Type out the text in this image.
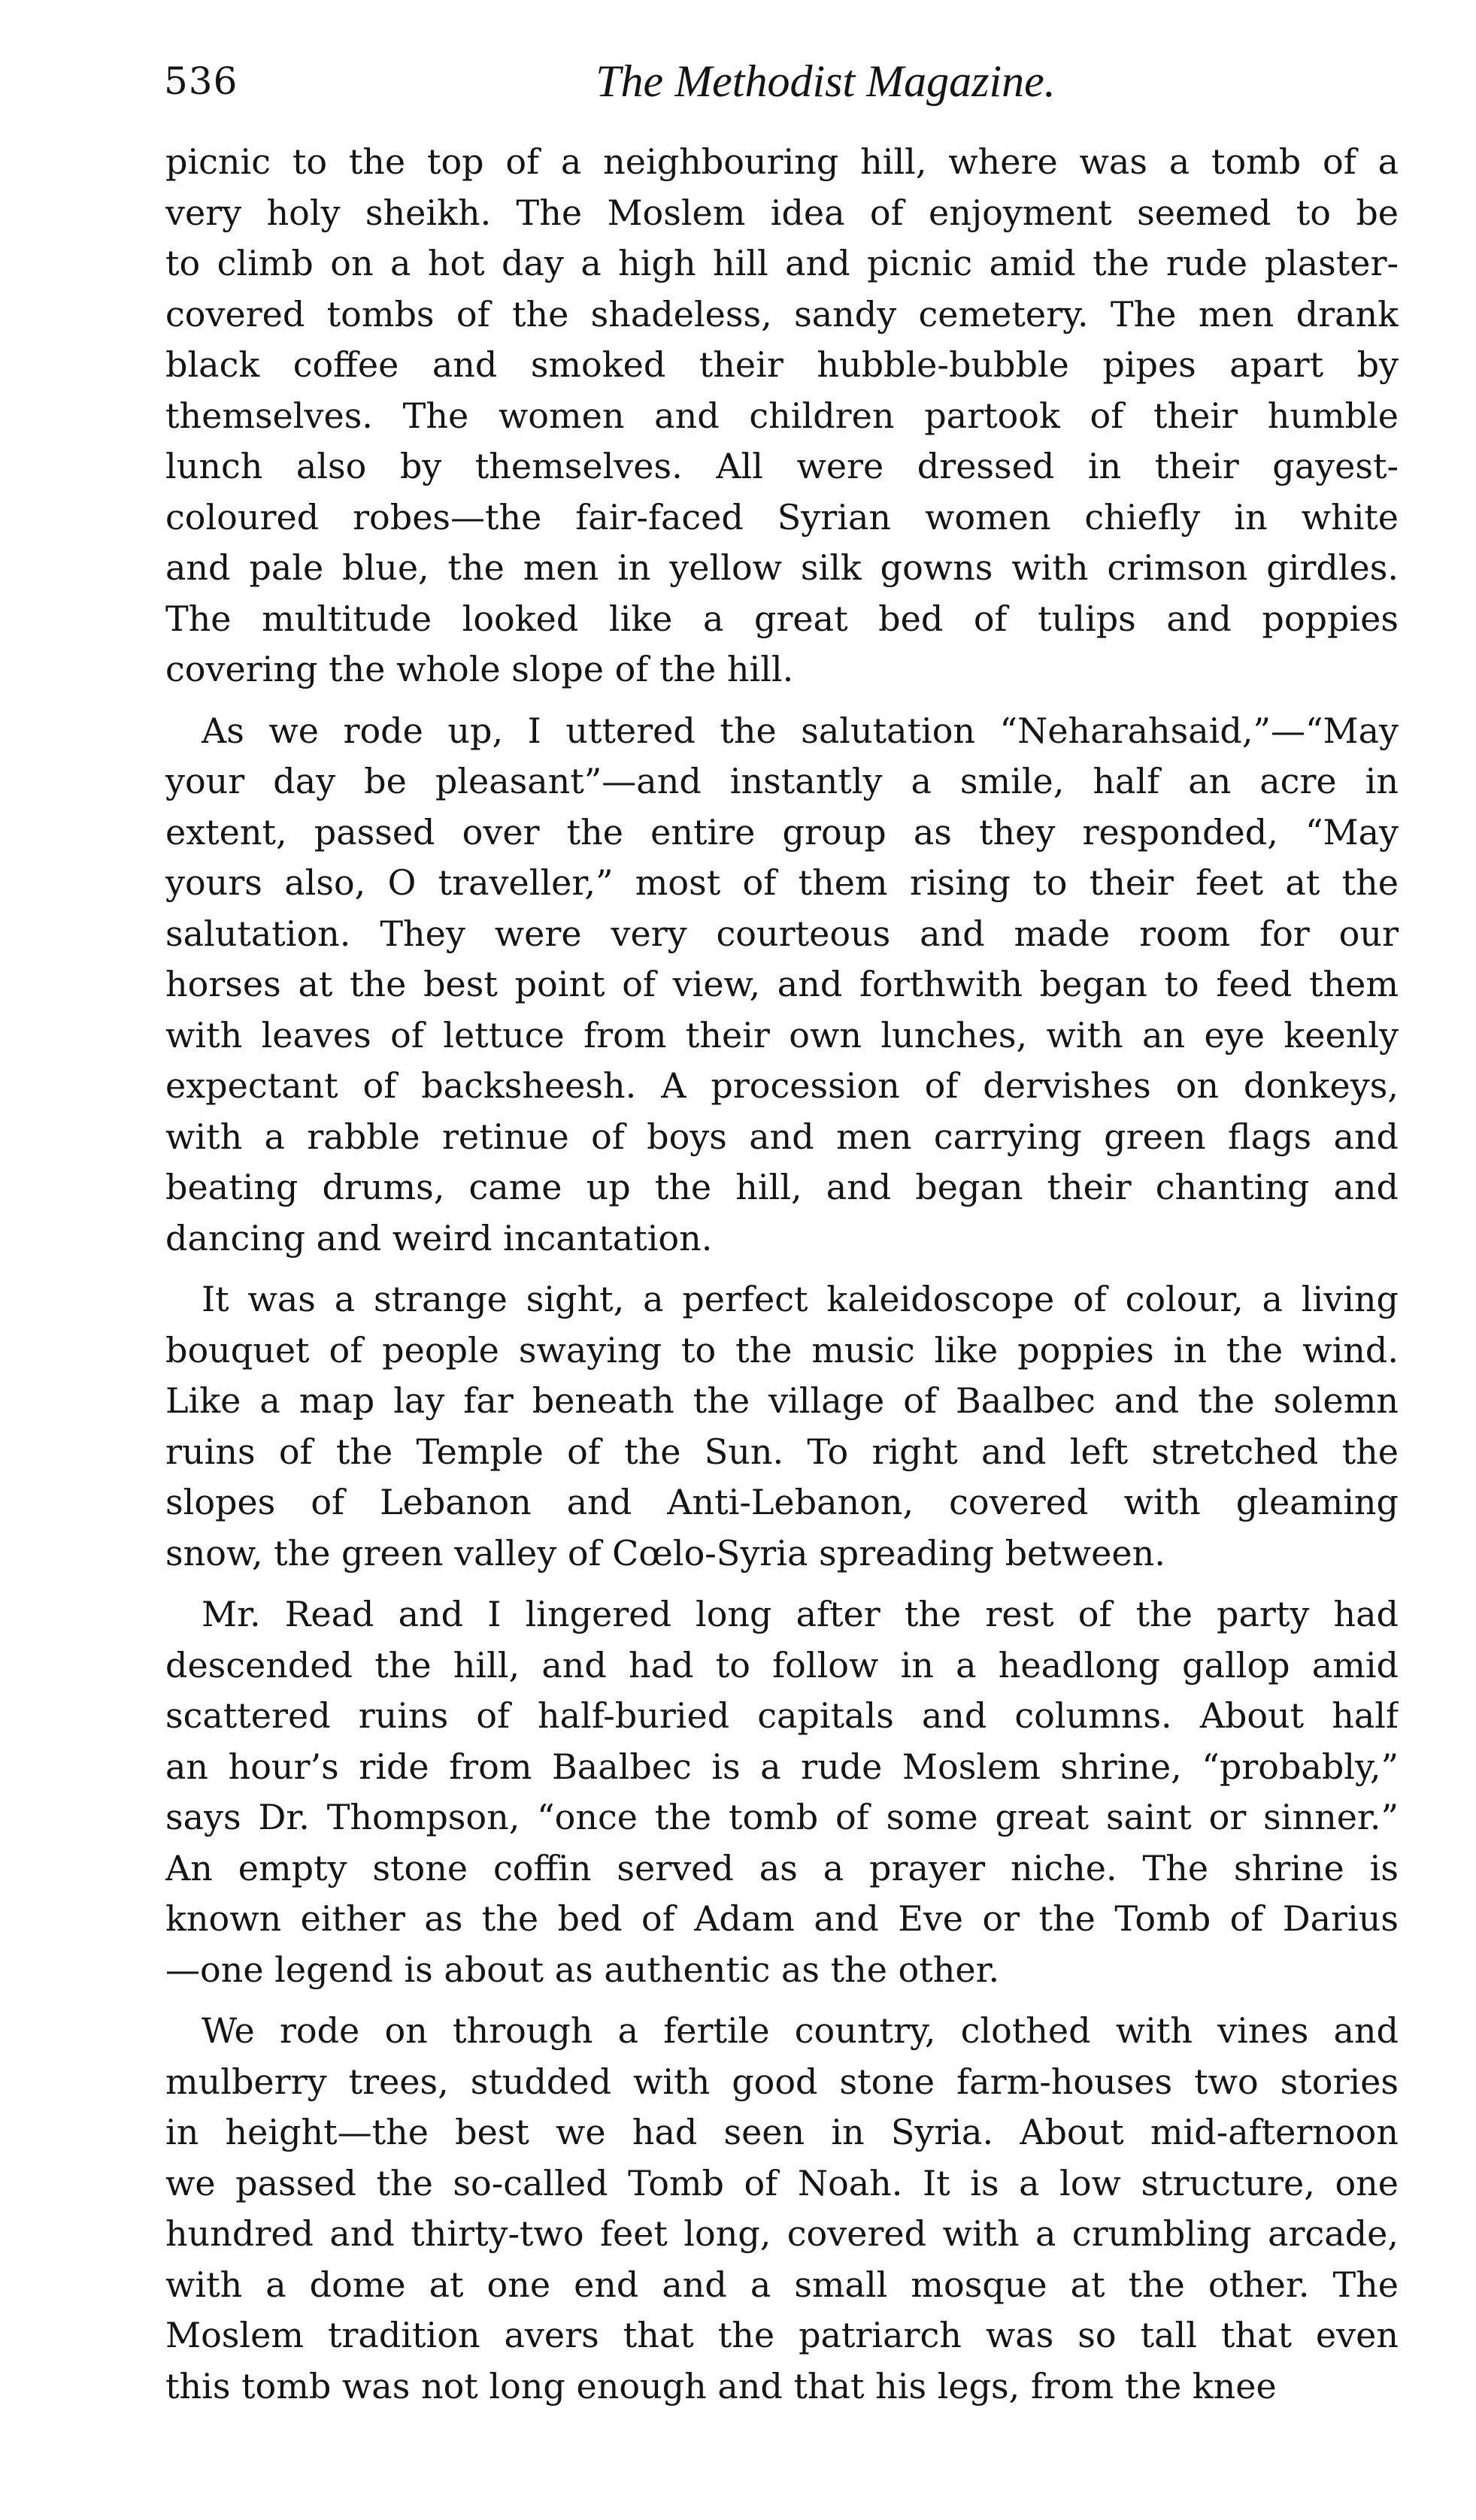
536	The Methodist Magazine.
picnic to the top of a neighbouring hill, where was a tomb of a
very holy sheikh. The Moslem idea of enjoyment seemed to be
to climb on a hot day a high hill and picnic amid the rude plaster-
covered tombs of the shadeless, sandy cemetery. The men drank
black coffee and smoked their hubble-bubble pipes apart by
themselves. The women and children partook of their humble
lunch also by themselves. All were dressed in their gayest-
coloured robes—the fair-faced Syrian women chiefly in white
and pale blue, the men in yellow silk gowns with crimson girdles.
The multitude looked like a great bed of tulips and poppies
covering the whole slope of the hill.
As we rode up, I uttered the salutation “Neharahsaid,”—“May
your day be pleasant”—and instantly a smile, half an acre in
extent, passed over the entire group as they responded, “May
yours also, O traveller,” most of them rising to their feet at the
salutation. They were very courteous and made room for our
horses at the best point of view, and forthwith began to feed them
with leaves of lettuce from their own lunches, with an eye keenly
expectant of backsheesh. A procession of dervishes on donkeys,
with a rabble retinue of boys and men carrying green flags and
beating drums, came up the hill, and began their chanting and
dancing and weird incantation.
It was a strange sight, a perfect kaleidoscope of colour, a living
bouquet of people swaying to the music like poppies in the wind.
Like a map lay far beneath the village of Baalbec and the solemn
ruins of the Temple of the Sun. To right and left stretched the
slopes of Lebanon and Anti-Lebanon, covered with gleaming
snow, the green valley of Cœlo-Syria spreading between.
Mr. Read and I lingered long after the rest of the party had
descended the hill, and had to follow in a headlong gallop amid
scattered ruins of half-buried capitals and columns. About half
an hour’s ride from Baalbec is a rude Moslem shrine, “probably,”
says Dr. Thompson, “once the tomb of some great saint or sinner.”
An empty stone coffin served as a prayer niche. The shrine is
known either as the bed of Adam and Eve or the Tomb of Darius
—one legend is about as authentic as the other.
We rode on through a fertile country, clothed with vines and
mulberry trees, studded with good stone farm-houses two stories
in height—the best we had seen in Syria. About mid-afternoon
we passed the so-called Tomb of Noah. It is a low structure, one
hundred and thirty-two feet long, covered with a crumbling arcade,
with a dome at one end and a small mosque at the other. The
Moslem tradition avers that the patriarch was so tall that even
this tomb was not long enough and that his legs, from the knee
